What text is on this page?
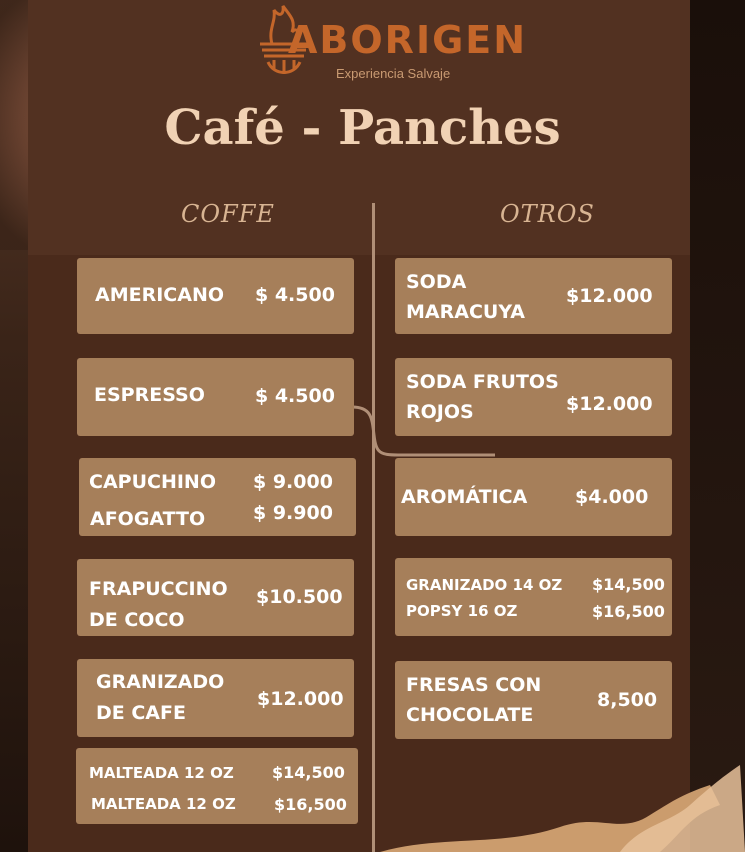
ABORIGEN
Experiencia Salvaje
Café - Panches
COFFE	OTROS
AMERICANO $ 4.500
ESPRESSO	$ 4.500
CAPUCHINO $ 9.000
AFOGATTO	$ 9.900
FRAPUCCINO
DE COCO
$10.500
GRANIZADO
DE CAFE
$12.000
MALTEADA 12 OZ $14,500
MALTEADA 12 OZ $16,500
SODA
MARACUYA
$12.000
SODA FRUTOS
ROJOS	$12.000
AROMÁTICA	$4.000
GRANIZADO 14 OZ $14,500
POPSY 16 OZ	$16,500
FRESAS CON
CHOCOLATE
8,500
